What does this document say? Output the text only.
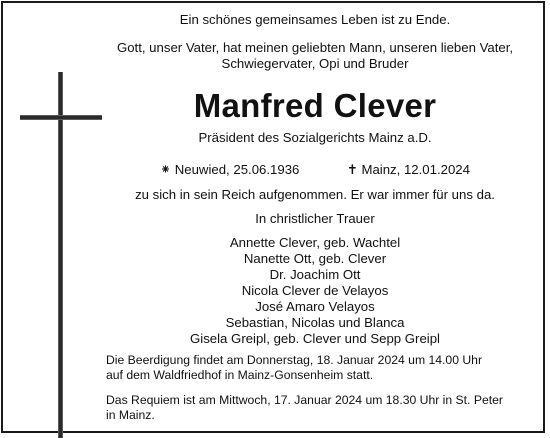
Ein schönes gemeinsames Leben ist zu Ende.
Gott, unser Vater, hat meinen geliebten Mann, unseren lieben Vater,
Schwiegervater, Opi und Bruder
Manfred Clever
Präsident des Sozialgerichts Mainz a.D.
⁕ Neuwied, 25.06.1936	✝ Mainz, 12.01.2024
zu sich in sein Reich aufgenommen. Er war immer für uns da.
In christlicher Trauer
Annette Clever, geb. Wachtel
Nanette Ott, geb. Clever
Dr. Joachim Ott
Nicola Clever de Velayos
José Amaro Velayos
Sebastian, Nicolas und Blanca
Gisela Greipl, geb. Clever und Sepp Greipl
Die Beerdigung findet am Donnerstag, 18. Januar 2024 um 14.00 Uhr
auf dem Waldfriedhof in Mainz-Gonsenheim statt.
Das Requiem ist am Mittwoch, 17. Januar 2024 um 18.30 Uhr in St. Peter
in Mainz.
